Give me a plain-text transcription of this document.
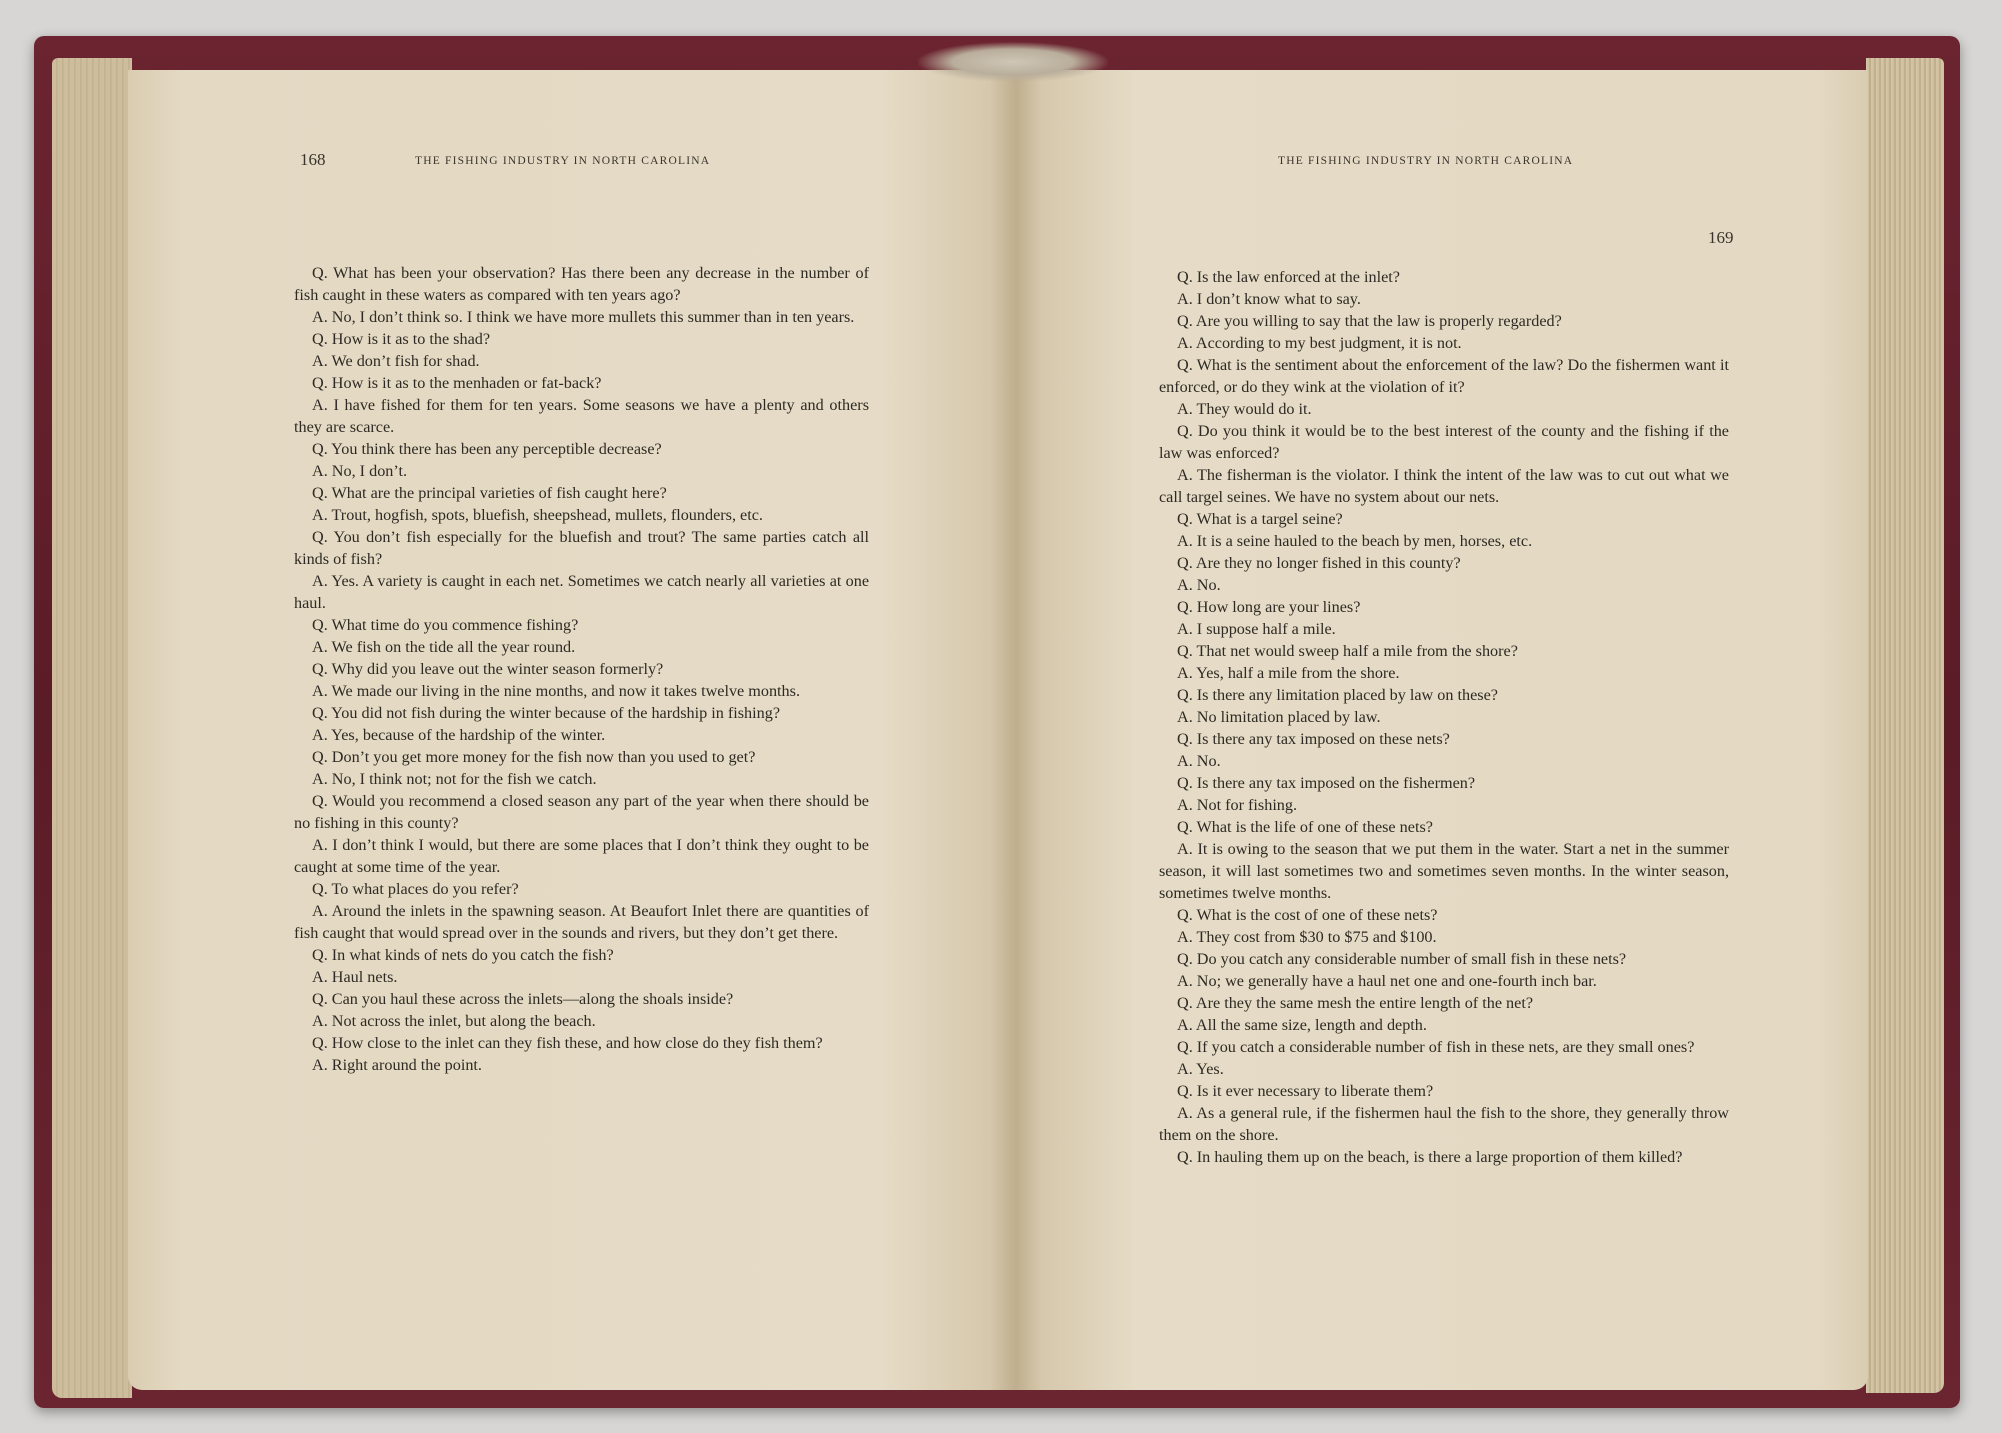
168	THE FISHING INDUSTRY IN NORTH CAROLINA	THE FISHING INDUSTRY IN NORTH CAROLINA
169

Q. What has been your observation? Has there been any decrease in the number of fish caught in these waters as compared with ten years ago?

A. No, I don’t think so. I think we have more mullets this summer than in ten years.

Q. How is it as to the shad?

A. We don’t fish for shad.

Q. How is it as to the menhaden or fat-back?

A. I have fished for them for ten years. Some seasons we have a plenty and others they are scarce.

Q. You think there has been any perceptible decrease?

A. No, I don’t.

Q. What are the principal varieties of fish caught here?

A. Trout, hogfish, spots, bluefish, sheepshead, mullets, flounders, etc.

Q. You don’t fish especially for the bluefish and trout? The same parties catch all kinds of fish?

A. Yes. A variety is caught in each net. Sometimes we catch nearly all varieties at one haul.

Q. What time do you commence fishing?

A. We fish on the tide all the year round.

Q. Why did you leave out the winter season formerly?

A. We made our living in the nine months, and now it takes twelve months.

Q. You did not fish during the winter because of the hardship in fishing?

A. Yes, because of the hardship of the winter.

Q. Don’t you get more money for the fish now than you used to get?

A. No, I think not; not for the fish we catch.

Q. Would you recommend a closed season any part of the year when there should be no fishing in this county?

A. I don’t think I would, but there are some places that I don’t think they ought to be caught at some time of the year.

Q. To what places do you refer?

A. Around the inlets in the spawning season. At Beaufort Inlet there are quantities of fish caught that would spread over in the sounds and rivers, but they don’t get there.

Q. In what kinds of nets do you catch the fish?

A. Haul nets.

Q. Can you haul these across the inlets—along the shoals inside?

A. Not across the inlet, but along the beach.

Q. How close to the inlet can they fish these, and how close do they fish them?

A. Right around the point.

Q. Is the law enforced at the inlet?

A. I don’t know what to say.

Q. Are you willing to say that the law is properly regarded?

A. According to my best judgment, it is not.

Q. What is the sentiment about the enforcement of the law? Do the fishermen want it enforced, or do they wink at the violation of it?

A. They would do it.

Q. Do you think it would be to the best interest of the county and the fishing if the law was enforced?

A. The fisherman is the violator. I think the intent of the law was to cut out what we call targel seines. We have no system about our nets.

Q. What is a targel seine?

A. It is a seine hauled to the beach by men, horses, etc.

Q. Are they no longer fished in this county?

A. No.

Q. How long are your lines?

A. I suppose half a mile.

Q. That net would sweep half a mile from the shore?

A. Yes, half a mile from the shore.

Q. Is there any limitation placed by law on these?

A. No limitation placed by law.

Q. Is there any tax imposed on these nets?

A. No.

Q. Is there any tax imposed on the fishermen?

A. Not for fishing.

Q. What is the life of one of these nets?

A. It is owing to the season that we put them in the water. Start a net in the summer season, it will last sometimes two and sometimes seven months. In the winter season, sometimes twelve months.

Q. What is the cost of one of these nets?

A. They cost from $30 to $75 and $100.

Q. Do you catch any considerable number of small fish in these nets?

A. No; we generally have a haul net one and one-fourth inch bar.

Q. Are they the same mesh the entire length of the net?

A. All the same size, length and depth.

Q. If you catch a considerable number of fish in these nets, are they small ones?

A. Yes.

Q. Is it ever necessary to liberate them?

A. As a general rule, if the fishermen haul the fish to the shore, they generally throw them on the shore.

Q. In hauling them up on the beach, is there a large proportion of them killed?
